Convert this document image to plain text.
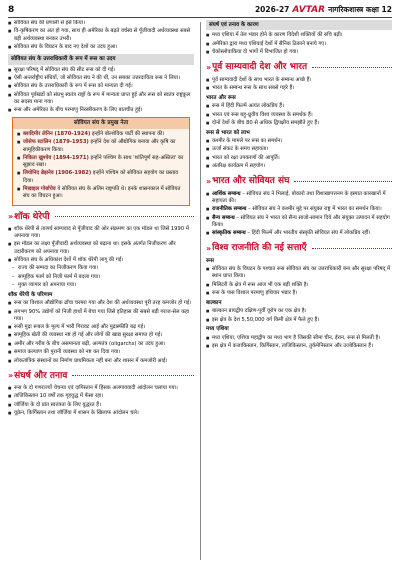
8	2026-27 AVTAR नागरिकशास्त्र कक्षा 12
■ सोवियत संघ की प्रणाली से इसे किया।
■ वि-कृषिकरण का अंत हो गया, साथ ही अमेरिका के बढ़ते वर्चस्व से पूँजीवादी अर्थव्यवस्था सबसे बड़ी अर्थव्यवस्था बनकर उभरी।
■ सोवियत संघ के विघटन के बाद नए देशों का उदय हुआ।
सोवियत संघ के उत्तराधिकारी के रूप में रूस का उदय
■ सुरक्षा परिषद् में सोवियत संघ की सीट रूस को दी गई।
■ ऐसी अन्तर्राष्ट्रीय संधियों, जो सोवियत संघ ने की थीं, उन सबका उत्तरदायित्व रूस ने लिया।
■ सोवियत संघ के उत्तराधिकारी के रूप में रूस को मान्यता दी गई।
■ सोवियत पूर्वखंडों को संप्रभु स्वतंत्र राष्ट्रों के रूप में मान्यता प्राप्त हुई और रूस को स्वतंत्र राष्ट्रकुल का सदस्य माना गया।
■ रूस और अमेरिका के बीच परमाणु निरस्त्रीकरण के लिए बातचीत हुई।
सोवियत संघ के प्रमुख नेता
■ ब्लादिमीर लेनिन (1870-1924) इन्होंने बोल्शेविक पार्टी की स्थापना की।
■ जोसेफ स्टालिन (1879-1953) इन्होंने देश को औद्योगिक बनाया और कृषि का सामूहिकीकरण किया।
■ निकिता ख्रुश्चेव (1894-1971) इन्होंने पश्चिम के साथ 'शांतिपूर्ण सह-अस्तित्व' का सुझाव रखा।
■ लियोनिद ब्रेझनेव (1906-1982) इन्होंने पश्चिम को सोवियत सहयोग का प्रस्ताव दिया।
■ मिखाइल गोर्बाचेव ये सोवियत संघ के अंतिम राष्ट्रपति थे। इनके शासनकाल में सोवियत संघ का विघटन हुआ।
» शॉक थेरेपी
■ शॉक थेरेपी से तात्पर्य साम्यवाद से पूँजीवाद की ओर संक्रमण का एक मॉडल था जिसे 1990 में अपनाया गया।
■ इस मॉडल का लक्ष्य पूँजीवादी अर्थव्यवस्था को बढ़ाना था। इसके अंतर्गत निजीकरण और उदारीकरण को अपनाया गया।
■ सोवियत संघ के अधिकांश देशों में शॉक थेरेपी लागू की गई।
– राज्य की सम्पदा का निजीकरण किया गया।
– सामूहिक फार्म को निजी फार्म में बदला गया।
– मुक्त व्यापार को अपनाया गया।
शॉक थेरेपी के परिणाम
■ रूस का विशाल औद्योगिक ढाँचा चरमरा गया और देश की अर्थव्यवस्था पूरी तरह कमजोर हो गई।
■ लगभग 90% उद्योगों को निजी हाथों में बेचा गया जिसे इतिहास की सबसे बड़ी गराज-सेल कहा गया।
■ रूसी मुद्रा रूबल के मूल्य में भारी गिरावट आई और मुद्रास्फीति बढ़ गई।
■ सामूहिक खेती की व्यवस्था नष्ट हो गई और लोगों की खाद्य सुरक्षा समाप्त हो गई।
■ अमीर और गरीब के बीच असमानता बढ़ी, अल्पतंत्र (oligarchs) का उदय हुआ।
■ समाज कल्याण की पुरानी व्यवस्था को नष्ट कर दिया गया।
■ लोकतांत्रिक संस्थानों का निर्माण प्राथमिकता नहीं बना और शासन में कमजोरी आई।
» संघर्ष और तनाव
■ रूस के दो गणराज्यों चेचन्या एवं दागिस्तान में हिंसक अलगाववादी आंदोलन चलाया गया।
■ ताजिकिस्तान 10 वर्षों तक गृहयुद्ध में फँसा रहा।
■ जॉर्जिया के दो प्रांत स्वतंत्रता के लिए युद्धरत हैं।
■ यूक्रेन, किर्गिस्तान तथा जॉर्जिया में शासन के खिलाफ आंदोलन चले।
संघर्ष एवं तनाव के कारण
■ मध्य एशिया में तेल भंडार होने के कारण विदेशी शक्तियों की रुचि बढ़ी।
■ अमेरिका द्वारा मध्य एशियाई देशों में सैनिक ठिकाने बनाये गए।
■ चेकोस्लोवाकिया दो भागों में विभाजित हो गया।
» पूर्व साम्यवादी देश और भारत
■ पूर्व साम्यवादी देशों के साथ भारत के सम्बन्ध अच्छे हैं।
■ भारत के सम्बन्ध रूस के साथ सबसे गहरे हैं।
भारत और रूस
■ रूस में हिंदी फिल्में अत्यंत लोकप्रिय हैं।
■ भारत एवं रूस बहु-ध्रुवीय विश्व व्यवस्था के समर्थक हैं।
■ दोनों देशों के बीच 80 से अधिक द्विपक्षीय समझौते हुए हैं।
रूस से भारत को लाभ
■ कश्मीर के मामले पर रूस का समर्थन।
■ ऊर्जा संकट के समय सहायता।
■ भारत को रक्षा उपकरणों की आपूर्ति।
■ अंतरिक्ष कार्यक्रम में सहयोग।
» भारत और सोवियत संघ
■ आर्थिक सम्बन्ध – सोवियत संघ ने भिलाई, बोकारो तथा विशाखापत्तनम के इस्पात कारखानों में सहायता की।
■ राजनीतिक सम्बन्ध – सोवियत संघ ने कश्मीर मुद्दे पर संयुक्त राष्ट्र में भारत का समर्थन किया।
■ सैन्य सम्बन्ध – सोवियत संघ ने भारत को सैन्य साजो-सामान दिये और संयुक्त उत्पादन में सहयोग किया।
■ सांस्कृतिक सम्बन्ध – हिंदी फिल्में और भारतीय संस्कृति सोवियत संघ में लोकप्रिय रहीं।
» विश्व राजनीति की नई सत्ताएँ
रूस
■ सोवियत संघ के विघटन के पश्चात रूस सोवियत संघ का उत्तराधिकारी बना और सुरक्षा परिषद् में स्थान प्राप्त किया।
■ मिलिटरी के क्षेत्र में रूस आज भी एक बड़ी शक्ति है।
■ रूस के पास विशाल परमाणु हथियार भंडार है।
बाल्कान
■ बाल्कान प्रायद्वीप दक्षिण-पूर्वी यूरोप का एक क्षेत्र है।
■ इस क्षेत्र के देश 5,50,000 वर्ग किमी क्षेत्र में फैले हुए हैं।
मध्य एशिया
■ मध्य एशिया, एशिया महाद्वीप का मध्य भाग है जिसकी सीमा चीन, ईरान, रूस से मिलती है।
■ इस क्षेत्र में कजाकिस्तान, किर्गिस्तान, ताजिकिस्तान, तुर्कमेनिस्तान और उज्बेकिस्तान हैं।
